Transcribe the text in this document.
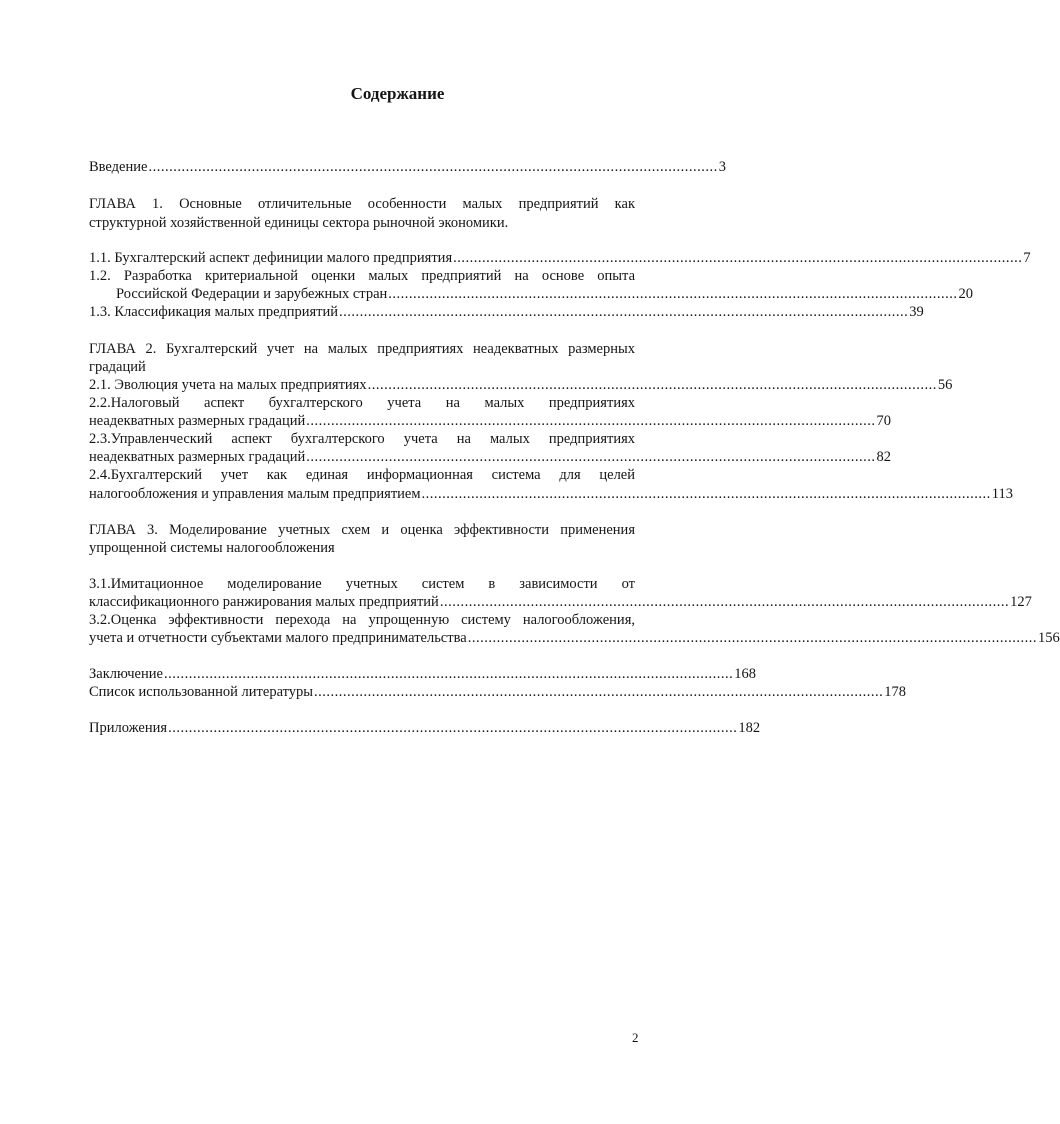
Содержание
Введение .......................................................................................................................................... 3
ГЛАВА 1. Основные отличительные особенности малых предприятий как
структурной хозяйственной единицы сектора рыночной экономики.
1.1. Бухгалтерский аспект дефиниции малого предприятия .......................................................................................................................................... 7
1.2. Разработка критериальной оценки малых предприятий на основе опыта
Российской Федерации и зарубежных стран .......................................................................................................................................... 20
1.3. Классификация малых предприятий .......................................................................................................................................... 39
ГЛАВА 2. Бухгалтерский учет на малых предприятиях неадекватных размерных
градаций
2.1. Эволюция учета на малых предприятиях .......................................................................................................................................... 56
2.2.Налоговый аспект бухгалтерского учета на малых предприятиях
неадекватных размерных градаций .......................................................................................................................................... 70
2.3.Управленческий аспект бухгалтерского учета на малых предприятиях
неадекватных размерных градаций .......................................................................................................................................... 82
2.4.Бухгалтерский учет как единая информационная система для целей
налогообложения и управления малым предприятием .......................................................................................................................................... 113
ГЛАВА 3. Моделирование учетных схем и оценка эффективности применения
упрощенной системы налогообложения
3.1.Имитационное моделирование учетных систем в зависимости от
классификационного ранжирования малых предприятий .......................................................................................................................................... 127
3.2.Оценка эффективности перехода на упрощенную систему налогообложения,
учета и отчетности субъектами малого предпринимательства .......................................................................................................................................... 156
Заключение .......................................................................................................................................... 168
Список использованной литературы .......................................................................................................................................... 178
Приложения .......................................................................................................................................... 182
2
